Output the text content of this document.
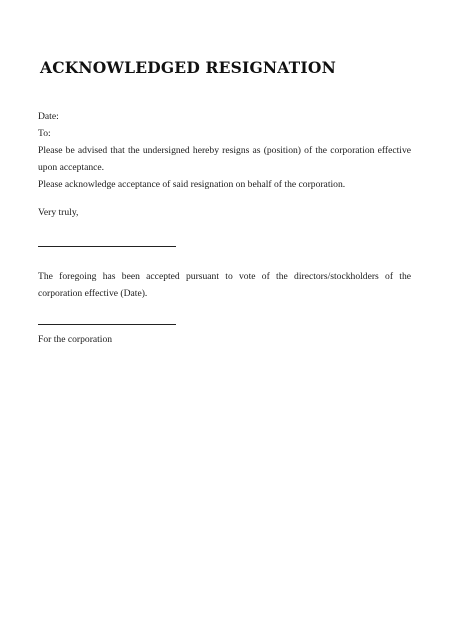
ACKNOWLEDGED RESIGNATION
Date:
To:
Please be advised that the undersigned hereby resigns as (position) of the corporation effective upon acceptance.
Please acknowledge acceptance of said resignation on behalf of the corporation.
Very truly,
The foregoing has been accepted pursuant to vote of the directors/stockholders of the corporation effective (Date).
For the corporation
